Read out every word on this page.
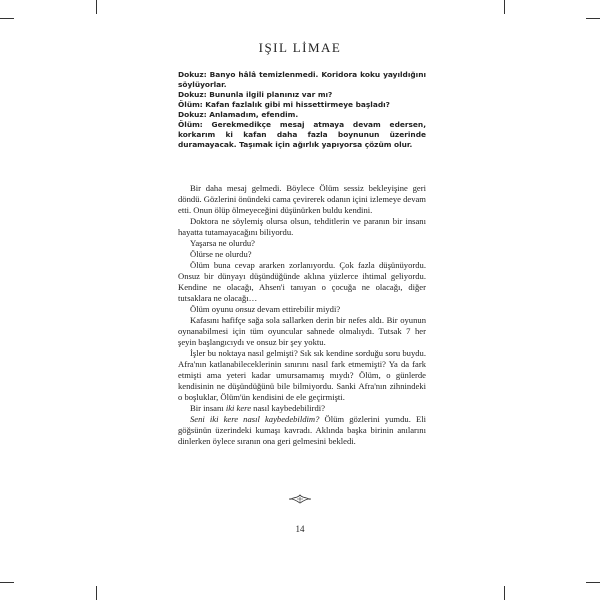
IŞIL LİMAE

Dokuz: Banyo hâlâ temizlenmedi. Koridora koku yayıldığını söylüyorlar.

Dokuz: Bununla ilgili planınız var mı?

Ölüm: Kafan fazlalık gibi mi hissettirmeye başladı?

Dokuz: Anlamadım, efendim.

Ölüm: Gerekmedikçe mesaj atmaya devam edersen, korkarım ki kafan daha fazla boynunun üzerinde duramayacak. Taşımak için ağırlık yapıyorsa çözüm olur.

Bir daha mesaj gelmedi. Böylece Ölüm sessiz bekleyişine geri döndü. Gözlerini önündeki cama çevirerek odanın içini izlemeye devam etti. Onun ölüp ölmeyeceğini düşünürken buldu kendini.

Doktora ne söylemiş olursa olsun, tehditlerin ve paranın bir insanı hayatta tutamayacağını biliyordu.

Yaşarsa ne olurdu?

Ölürse ne olurdu?

Ölüm buna cevap ararken zorlanıyordu. Çok fazla düşünüyordu. Onsuz bir dünyayı düşündüğünde aklına yüzlerce ihtimal geliyordu. Kendine ne olacağı, Ahsen'i tanıyan o çocuğa ne olacağı, diğer tutsaklara ne olacağı…

Ölüm oyunu onsuz devam ettirebilir miydi?

Kafasını hafifçe sağa sola sallarken derin bir nefes aldı. Bir oyunun oynanabilmesi için tüm oyuncular sahnede olmalıydı. Tutsak 7 her şeyin başlangıcıydı ve onsuz bir şey yoktu.

İşler bu noktaya nasıl gelmişti? Sık sık kendine sorduğu soru buydu. Afra'nın katlanabileceklerinin sınırını nasıl fark etmemişti? Ya da fark etmişti ama yeteri kadar umursamamış mıydı? Ölüm, o günlerde kendisinin ne düşündüğünü bile bilmiyordu. Sanki Afra'nın zihnindeki o boşluklar, Ölüm'ün kendisini de ele geçirmişti.

Bir insanı iki kere nasıl kaybedebilirdi?

Seni iki kere nasıl kaybedebildim? Ölüm gözlerini yumdu. Eli göğsünün üzerindeki kumaşı kavradı. Aklında başka birinin anılarını dinlerken öylece sıranın ona geri gelmesini bekledi.

14
